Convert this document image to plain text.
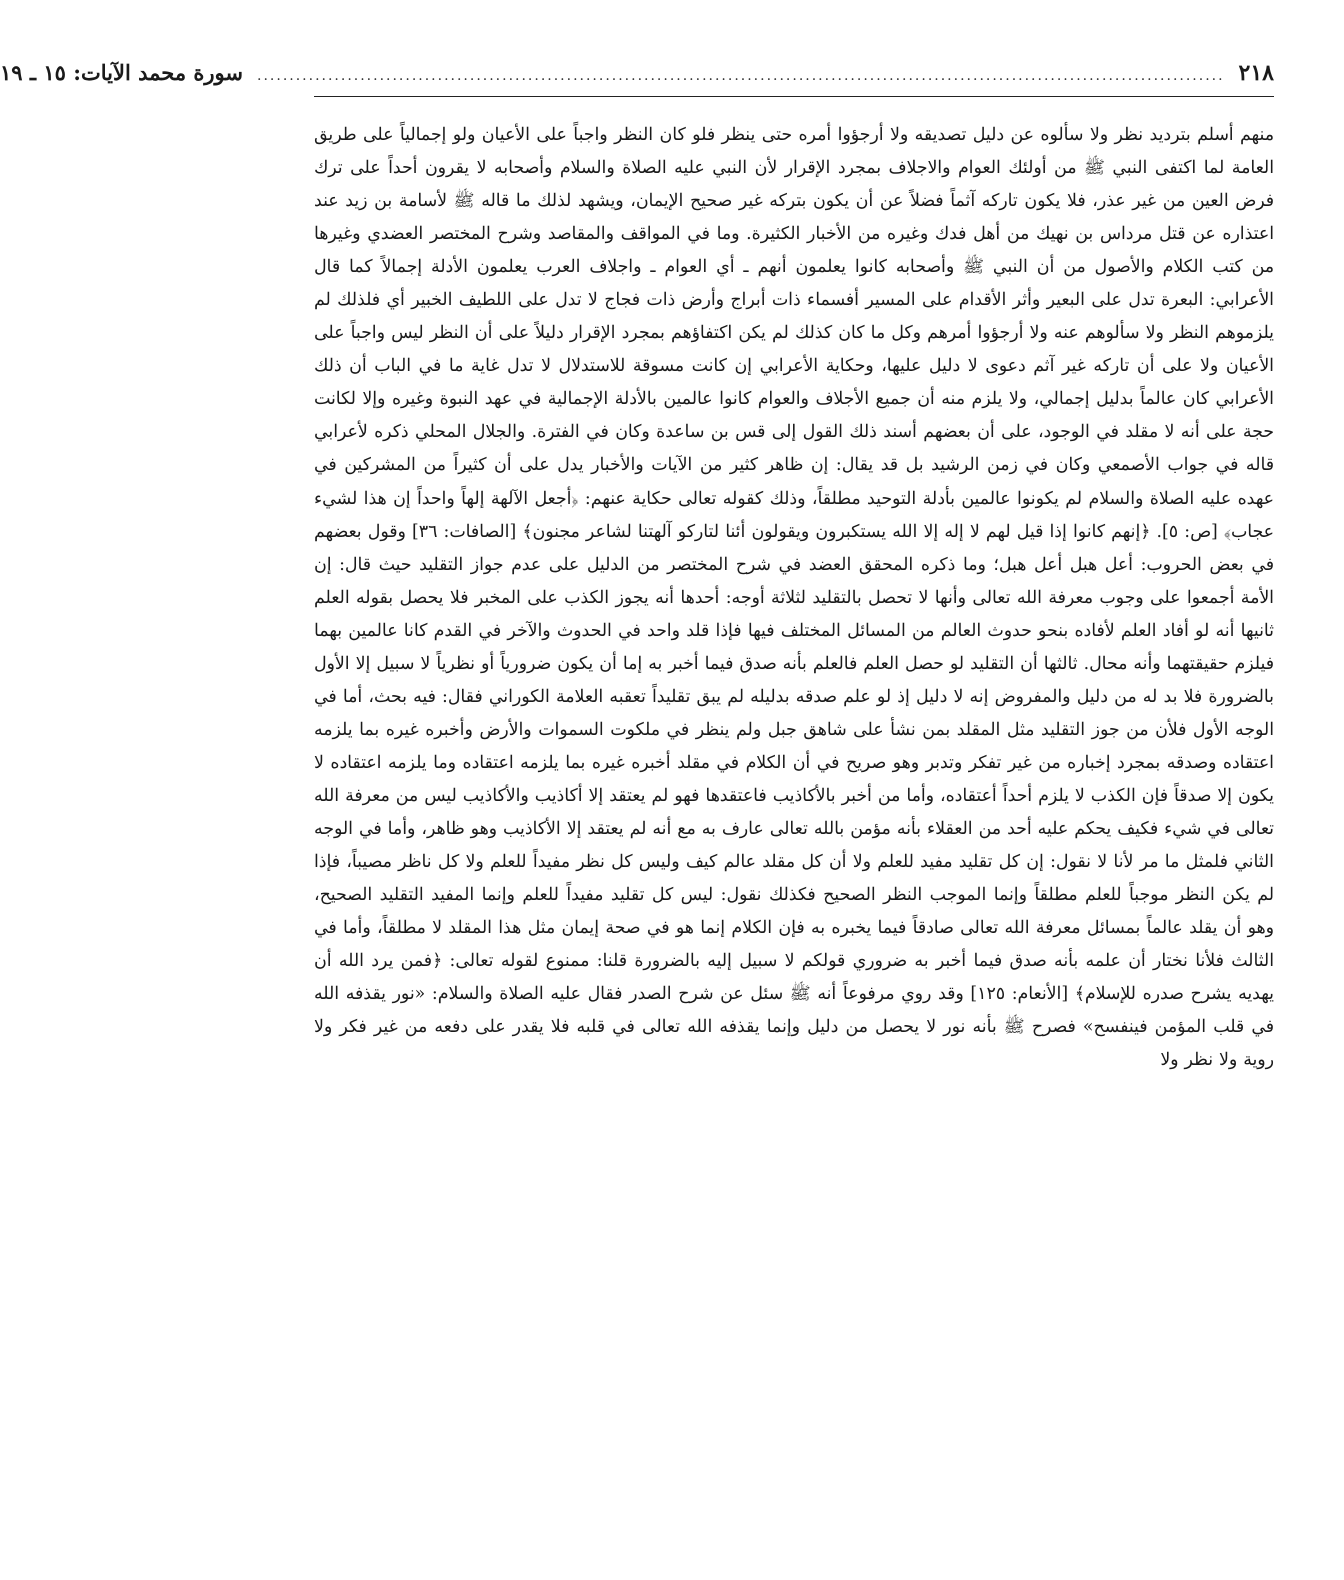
٢١٨
......................................................................................................................................................
سورة محمد الآيات: ١٥ ـ ١٩

منهم أسلم بترديد نظر ولا سألوه عن دليل تصديقه ولا أرجؤوا أمره حتى ينظر فلو كان النظر واجباً على الأعيان ولو إجمالياً على طريق العامة لما اكتفى النبي ﷺ من أولئك العوام والاجلاف بمجرد الإقرار لأن النبي عليه الصلاة والسلام وأصحابه لا يقرون أحداً على ترك فرض العين من غير عذر، فلا يكون تاركه آثماً فضلاً عن أن يكون بتركه غير صحيح الإيمان، ويشهد لذلك ما قاله ﷺ لأسامة بن زيد عند اعتذاره عن قتل مرداس بن نهيك من أهل فدك وغيره من الأخبار الكثيرة. وما في المواقف والمقاصد وشرح المختصر العضدي وغيرها من كتب الكلام والأصول من أن النبي ﷺ وأصحابه كانوا يعلمون أنهم ـ أي العوام ـ واجلاف العرب يعلمون الأدلة إجمالاً كما قال الأعرابي: البعرة تدل على البعير وأثر الأقدام على المسير أفسماء ذات أبراج وأرض ذات فجاج لا تدل على اللطيف الخبير أي فلذلك لم يلزموهم النظر ولا سألوهم عنه ولا أرجؤوا أمرهم وكل ما كان كذلك لم يكن اكتفاؤهم بمجرد الإقرار دليلاً على أن النظر ليس واجباً على الأعيان ولا على أن تاركه غير آثم دعوى لا دليل عليها، وحكاية الأعرابي إن كانت مسوقة للاستدلال لا تدل غاية ما في الباب أن ذلك الأعرابي كان عالماً بدليل إجمالي، ولا يلزم منه أن جميع الأجلاف والعوام كانوا عالمين بالأدلة الإجمالية في عهد النبوة وغيره وإلا لكانت حجة على أنه لا مقلد في الوجود، على أن بعضهم أسند ذلك القول إلى قس بن ساعدة وكان في الفترة. والجلال المحلي ذكره لأعرابي قاله في جواب الأصمعي وكان في زمن الرشيد بل قد يقال: إن ظاهر كثير من الآيات والأخبار يدل على أن كثيراً من المشركين في عهده عليه الصلاة والسلام لم يكونوا عالمين بأدلة التوحيد مطلقاً، وذلك كقوله تعالى حكاية عنهم: ﴿أجعل الآلهة إلهاً واحداً إن هذا لشيء عجاب﴾ [ص: ٥]. ﴿إنهم كانوا إذا قيل لهم لا إله إلا الله يستكبرون ويقولون أئنا لتاركو آلهتنا لشاعر مجنون﴾ [الصافات: ٣٦] وقول بعضهم في بعض الحروب: أعل هبل أعل هبل؛ وما ذكره المحقق العضد في شرح المختصر من الدليل على عدم جواز التقليد حيث قال: إن الأمة أجمعوا على وجوب معرفة الله تعالى وأنها لا تحصل بالتقليد لثلاثة أوجه: أحدها أنه يجوز الكذب على المخبر فلا يحصل بقوله العلم ثانيها أنه لو أفاد العلم لأفاده بنحو حدوث العالم من المسائل المختلف فيها فإذا قلد واحد في الحدوث والآخر في القدم كانا عالمين بهما فيلزم حقيقتهما وأنه محال. ثالثها أن التقليد لو حصل العلم فالعلم بأنه صدق فيما أخبر به إما أن يكون ضرورياً أو نظرياً لا سبيل إلا الأول بالضرورة فلا بد له من دليل والمفروض إنه لا دليل إذ لو علم صدقه بدليله لم يبق تقليداً تعقبه العلامة الكوراني فقال: فيه بحث، أما في الوجه الأول فلأن من جوز التقليد مثل المقلد بمن نشأ على شاهق جبل ولم ينظر في ملكوت السموات والأرض وأخبره غيره بما يلزمه اعتقاده وصدقه بمجرد إخباره من غير تفكر وتدبر وهو صريح في أن الكلام في مقلد أخبره غيره بما يلزمه اعتقاده وما يلزمه اعتقاده لا يكون إلا صدقاً فإن الكذب لا يلزم أحداً أعتقاده، وأما من أخبر بالأكاذيب فاعتقدها فهو لم يعتقد إلا أكاذيب والأكاذيب ليس من معرفة الله تعالى في شيء فكيف يحكم عليه أحد من العقلاء بأنه مؤمن بالله تعالى عارف به مع أنه لم يعتقد إلا الأكاذيب وهو ظاهر، وأما في الوجه الثاني فلمثل ما مر لأنا لا نقول: إن كل تقليد مفيد للعلم ولا أن كل مقلد عالم كيف وليس كل نظر مفيداً للعلم ولا كل ناظر مصيباً، فإذا لم يكن النظر موجباً للعلم مطلقاً وإنما الموجب النظر الصحيح فكذلك نقول: ليس كل تقليد مفيداً للعلم وإنما المفيد التقليد الصحيح، وهو أن يقلد عالماً بمسائل معرفة الله تعالى صادقاً فيما يخبره به فإن الكلام إنما هو في صحة إيمان مثل هذا المقلد لا مطلقاً، وأما في الثالث فلأنا نختار أن علمه بأنه صدق فيما أخبر به ضروري قولكم لا سبيل إليه بالضرورة قلنا: ممنوع لقوله تعالى: ﴿فمن يرد الله أن يهديه يشرح صدره للإسلام﴾ [الأنعام: ١٢٥] وقد روي مرفوعاً أنه ﷺ سئل عن شرح الصدر فقال عليه الصلاة والسلام: «نور يقذفه الله في قلب المؤمن فينفسح» فصرح ﷺ بأنه نور لا يحصل من دليل وإنما يقذفه الله تعالى في قلبه فلا يقدر على دفعه من غير فكر ولا روية ولا نظر ولا
